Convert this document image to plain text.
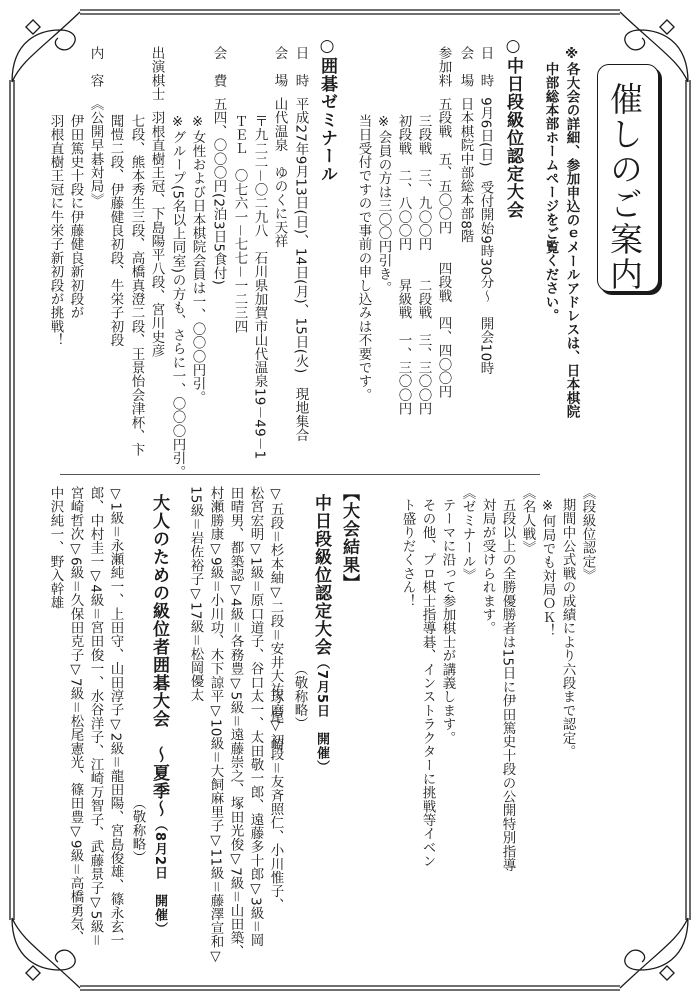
催しのご案内
※各大会の詳細、参加申込のｅメールアドレスは、日本棋院
中部総本部ホームページをご覧ください。
○中日段級位認定大会
日　時9月6日(日)　受付開始9時30分～　開会10時
会　場日本棋院中部総本部8階
参加料五段戦　五、五〇〇円　　四段戦　四、四〇〇円
三段戦　三、九〇〇円　　二段戦　三、三〇〇円
初段戦　二、八〇〇円　　昇級戦　一、三〇〇円
※会員の方は三〇〇円引き。
当日受付ですので事前の申し込みは不要です。
○囲碁ゼミナール
日　時平成27年9月13日(日)、14日(月)、15日(火)　現地集合
会　場山代温泉　ゆのくに天祥
〒九二二－〇二九八　石川県加賀市山代温泉19－49－1
ＴＥＬ　〇七六一－七七－一二三四
会　費五四、〇〇〇円(2泊3日5食付)
※女性および日本棋院会員は一、〇〇〇円引。
※グループ(5名以上同室)の方も、さらに一、〇〇〇円引。
出演棋士羽根直樹王冠、下島陽平八段、宮川史彦
七段、熊本秀生三段、高橋真澄二段、王景怡会津杯、卞
聞愷二段、伊藤健良初段、牛栄子初段
内　容《公開早碁対局》
伊田篤史十段に伊藤健良新初段が
羽根直樹王冠に牛栄子新初段が挑戦！
《段級位認定》
期間中公式戦の成績により六段まで認定。
※何局でも対局ＯＫ！
《名人戦》
五段以上の全勝優勝者は15日に伊田篤史十段の公開特別指導
対局が受けられます。
《ゼミナール》
テーマに沿って参加棋士が講義します。
その他、プロ棋士指導碁、インストラクターに挑戦等イベン
ト盛りだくさん！
【大会結果】
中日段級位認定大会（7月5日　開催）
（敬称略）
▽五段＝杉本紬▽二段＝安井大祐、尾　崎
松宮宏明▽1級＝原口道子、谷口太一、太田敬一郎、遠藤多十郎▽3級＝岡
田晴男、都築認▽4級＝各務豊▽5級＝遠藤崇之、塚田光俊▽7級＝山田築、
村瀬勝康▽9級＝小川功、木下諒平▽10級＝大飼麻里子▽11級＝藤澤宣和▽
15級＝岩佐裕子▽17級＝松岡優太
琢磨▽初段＝友斉照仁、小川惟子、
大人のための級位者囲碁大会　～夏季～（8月2日　開催）
（敬称略）
▽1級＝永瀬純一、上田守、山田淳子▽2級＝龍田陽、宮島俊雄、篠永玄一
郎、中村圭一▽4級＝宮田俊一、水谷洋子、江崎万智子、武藤景子▽5級＝
宮崎哲次▽6級＝久保田克子▽7級＝松尾憲光、篠田豊▽9級＝高橋勇気、
中沢純一、野入幹雄
